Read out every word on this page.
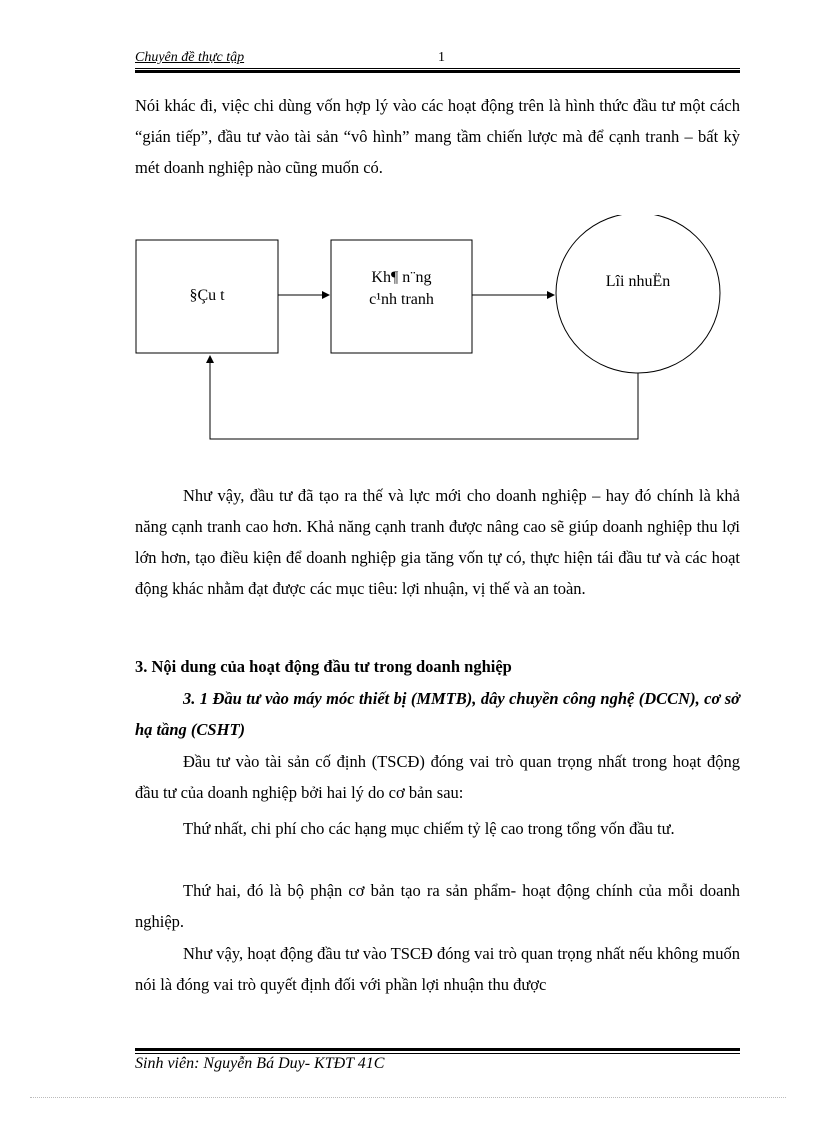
Chuyên đề thực tập	1

Nói khác đi, việc chi dùng vốn hợp lý vào các hoạt động trên là hình thức đầu tư một cách “gián tiếp”, đầu tư vào tài sản “vô hình” mang tầm chiến lược mà để cạnh tranh – bất kỳ mét doanh nghiệp nào cũng muốn có.

§Çu t
Kh¶ n¨ng
c¹nh tranh
Lîi nhuËn

Như vậy, đầu tư đã tạo ra thế và lực mới cho doanh nghiệp – hay đó chính là khả năng cạnh tranh cao hơn. Khả năng cạnh tranh được nâng cao sẽ giúp doanh nghiệp thu lợi lớn hơn, tạo điều kiện để doanh nghiệp gia tăng vốn tự có, thực hiện tái đầu tư và các hoạt động khác nhằm đạt được các mục tiêu: lợi nhuận, vị thế và an toàn.

3. Nội dung của hoạt động đầu tư trong doanh nghiệp

3. 1 Đầu tư vào máy móc thiết bị (MMTB), dây chuyền công nghệ (DCCN), cơ sở hạ tầng (CSHT)

Đầu tư vào tài sản cố định (TSCĐ) đóng vai trò quan trọng nhất trong hoạt động đầu tư của doanh nghiệp bởi hai lý do cơ bản sau:

Thứ nhất, chi phí cho các hạng mục chiếm tỷ lệ cao trong tổng vốn đầu tư.

Thứ hai, đó là bộ phận cơ bản tạo ra sản phẩm- hoạt động chính của mỗi doanh nghiệp.

Như vậy, hoạt động đầu tư vào TSCĐ đóng vai trò quan trọng nhất nếu không muốn nói là đóng vai trò quyết định đối với phần lợi nhuận thu được

Sinh viên: Nguyễn Bá Duy- KTĐT 41C
